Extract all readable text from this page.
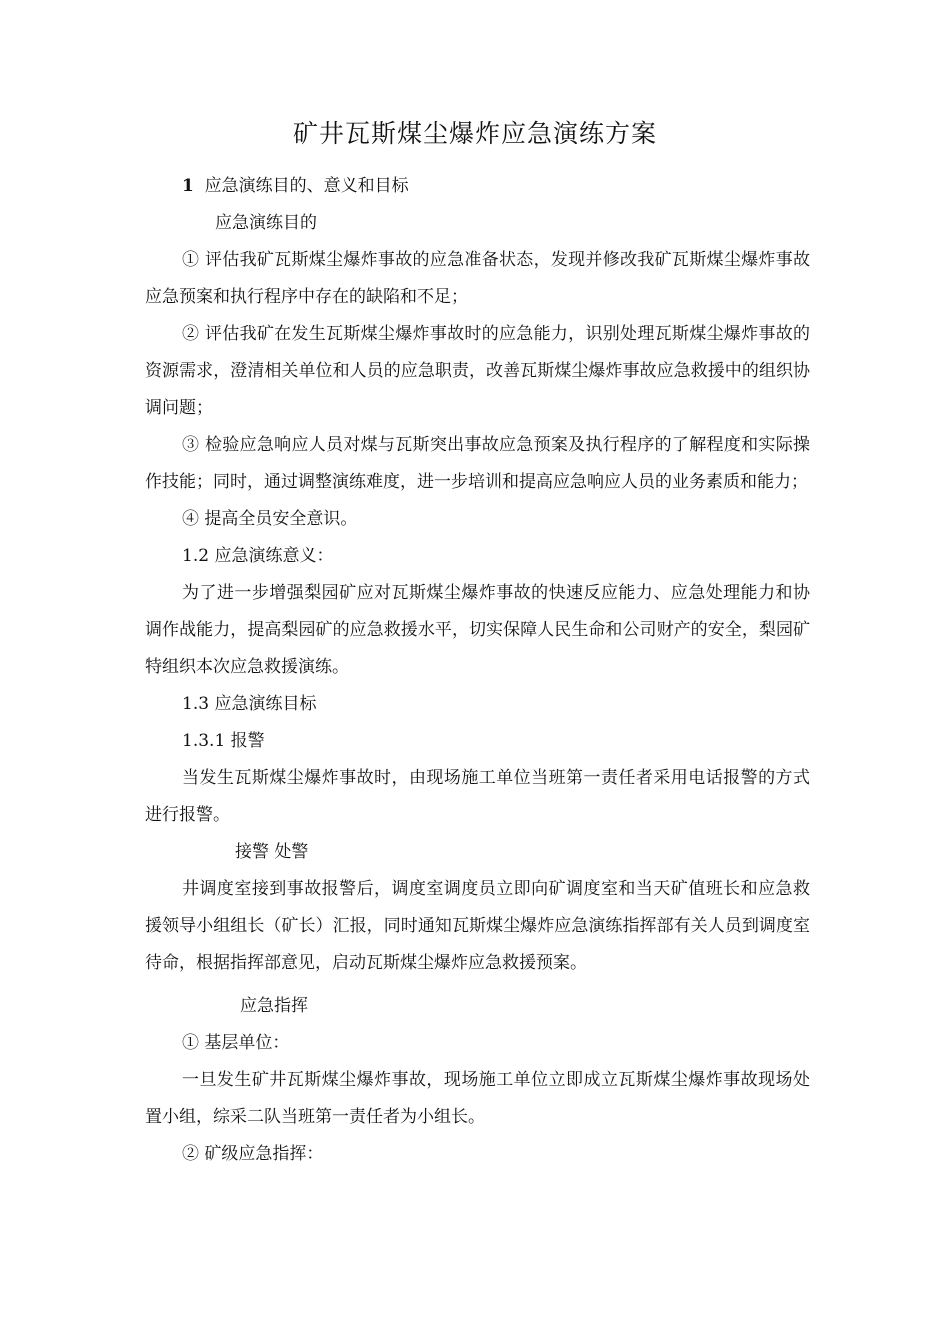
矿井瓦斯煤尘爆炸应急演练方案

1 应急演练目的、意义和目标

应急演练目的

① 评估我矿瓦斯煤尘爆炸事故的应急准备状态，发现并修改我矿瓦斯煤尘爆炸事故应急预案和执行程序中存在的缺陷和不足；

② 评估我矿在发生瓦斯煤尘爆炸事故时的应急能力，识别处理瓦斯煤尘爆炸事故的资源需求，澄清相关单位和人员的应急职责，改善瓦斯煤尘爆炸事故应急救援中的组织协调问题；

③ 检验应急响应人员对煤与瓦斯突出事故应急预案及执行程序的了解程度和实际操作技能；同时，通过调整演练难度，进一步培训和提高应急响应人员的业务素质和能力；

④ 提高全员安全意识。

1.2 应急演练意义：

为了进一步增强梨园矿应对瓦斯煤尘爆炸事故的快速反应能力、应急处理能力和协调作战能力，提高梨园矿的应急救援水平，切实保障人民生命和公司财产的安全，梨园矿特组织本次应急救援演练。

1.3 应急演练目标

1.3.1 报警

当发生瓦斯煤尘爆炸事故时，由现场施工单位当班第一责任者采用电话报警的方式进行报警。

接警 处警

井调度室接到事故报警后，调度室调度员立即向矿调度室和当天矿值班长和应急救援领导小组组长（矿长）汇报，同时通知瓦斯煤尘爆炸应急演练指挥部有关人员到调度室待命，根据指挥部意见，启动瓦斯煤尘爆炸应急救援预案。

应急指挥

① 基层单位：

一旦发生矿井瓦斯煤尘爆炸事故，现场施工单位立即成立瓦斯煤尘爆炸事故现场处置小组，综采二队当班第一责任者为小组长。

② 矿级应急指挥：
